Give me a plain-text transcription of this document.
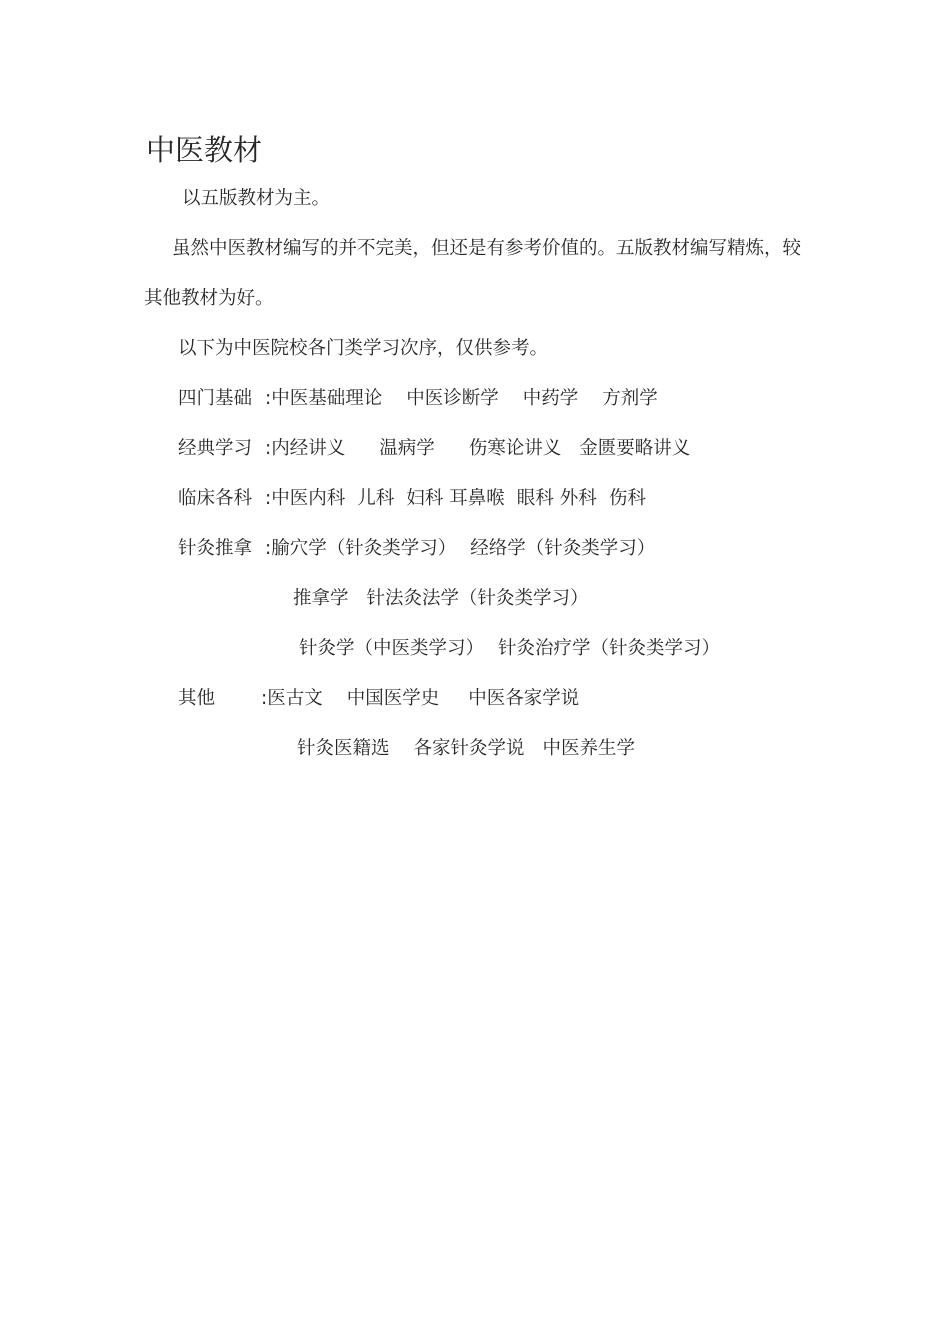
中医教材
以五版教材为主。
虽然中医教材编写的并不完美，但还是有参考价值的。五版教材编写精炼，较
其他教材为好。
以下为中医院校各门类学习次序，仅供参考。
四门基础 :中医基础理论 中医诊断学 中药学 方剂学
经典学习 :内经讲义 温病学 伤寒论讲义 金匮要略讲义
临床各科 :中医内科 儿科 妇科 耳鼻喉 眼科 外科 伤科
针灸推拿 :腧穴学（针灸类学习） 经络学（针灸类学习）
推拿学 针法灸法学（针灸类学习）
针灸学（中医类学习） 针灸治疗学（针灸类学习）
其他 :医古文 中国医学史 中医各家学说
针灸医籍选 各家针灸学说 中医养生学
